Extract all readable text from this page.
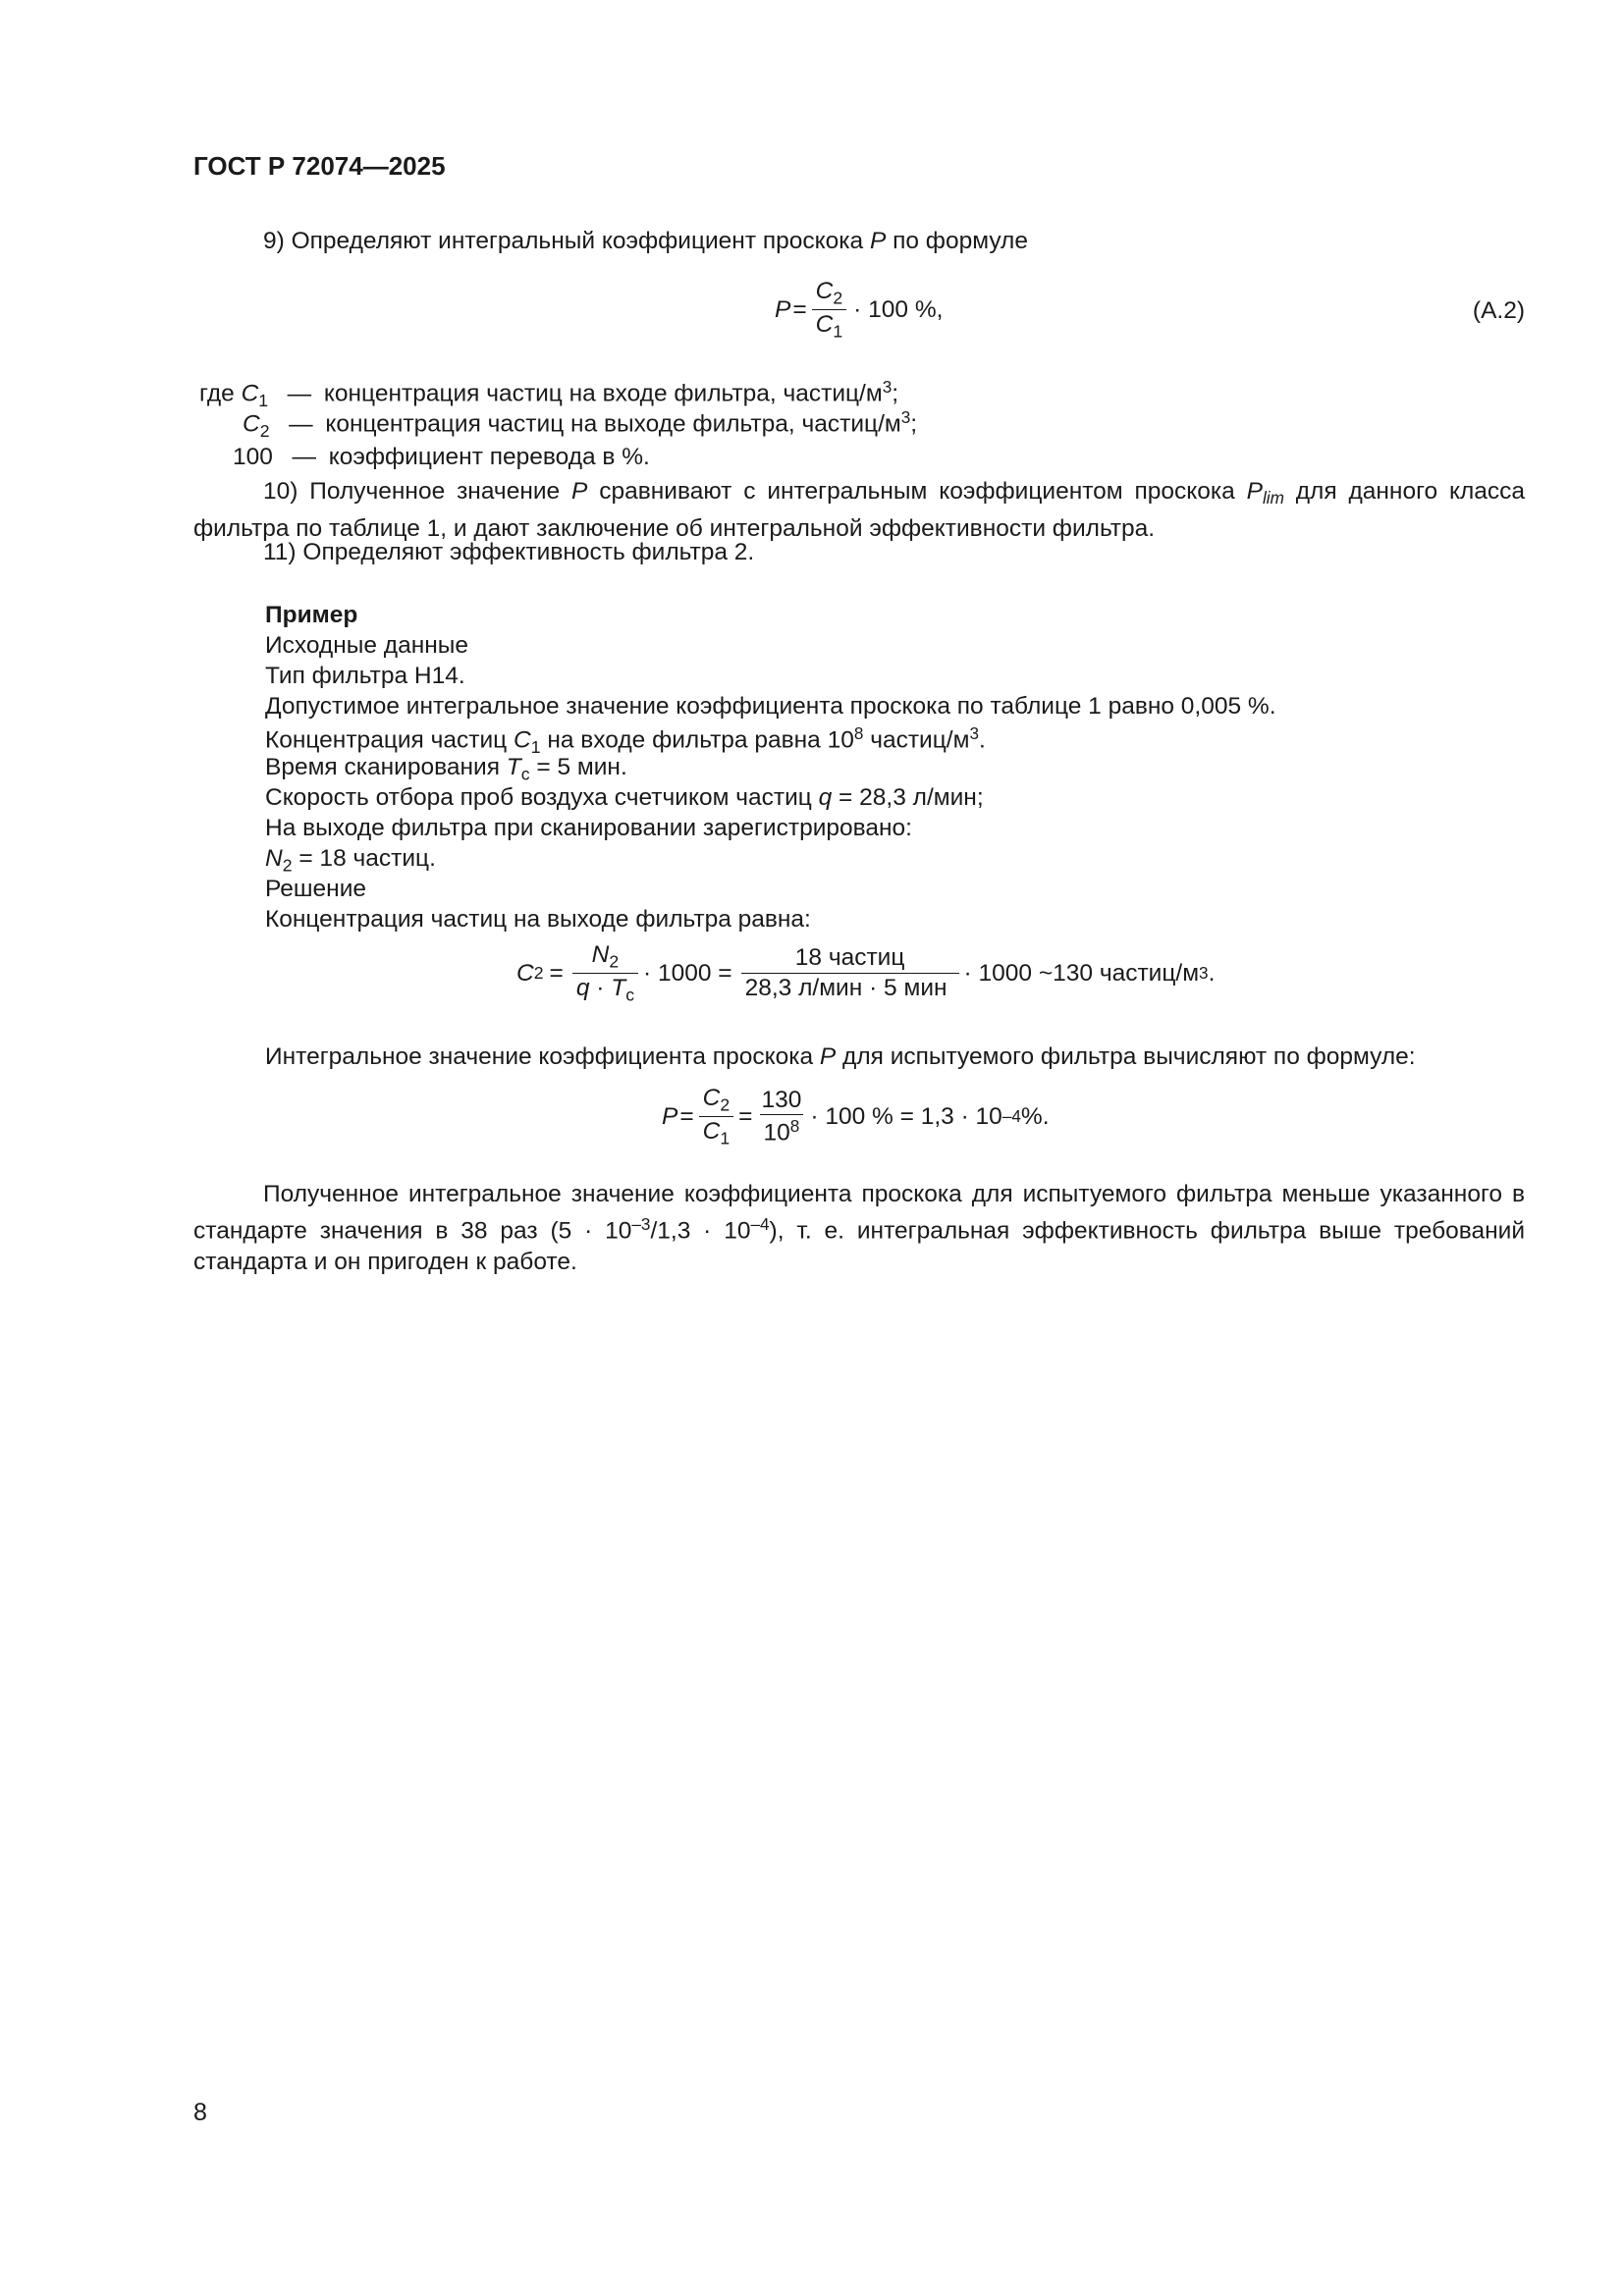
ГОСТ Р 72074—2025
9) Определяют интегральный коэффициент проскока P по формуле
$P = \frac{C_2}{C_1} \cdot 100$ %,	(А.2)
где $C_1$ — концентрация частиц на входе фильтра, частиц/$м^3$;
$C_2$ — концентрация частиц на выходе фильтра, частиц/$м^3$;
100 — коэффициент перевода в %.
10) Полученное значение P сравнивают с интегральным коэффициентом проскока $P_{lim}$ для данного класса фильтра по таблице 1, и дают заключение об интегральной эффективности фильтра.
11) Определяют эффективность фильтра 2.
Пример
Исходные данные
Тип фильтра Н14.
Допустимое интегральное значение коэффициента проскока по таблице 1 равно 0,005 %.
Концентрация частиц $C_1$ на входе фильтра равна $10^8$ частиц/$м^3$.
Время сканирования $T_с = 5$ мин.
Скорость отбора проб воздуха счетчиком частиц q = 28,3 л/мин;
На выходе фильтра при сканировании зарегистрировано:
$N_2 = 18$ частиц.
Решение
Концентрация частиц на выходе фильтра равна:
C $2 = \frac{N_2}{q \cdot T_с} \cdot 1000 = \frac{\text{18 частиц}}{\text{28,3 л/мин · 5 мин}} \cdot 1000$ ~130 частиц/м 3 .
Интегральное значение коэффициента проскока P для испытуемого фильтра вычисляют по формуле:
$P = \frac{C_2}{C_1} = \frac{130}{10^8} \cdot 100$ % = 1,3 · 10 –4 %.
Полученное интегральное значение коэффициента проскока для испытуемого фильтра меньше указанного в стандарте значения в 38 раз $(5 \cdot 10^{-3}/1,3 \cdot 10^{-4})$, т. е. интегральная эффективность фильтра выше требований стандарта и он пригоден к работе.
8
